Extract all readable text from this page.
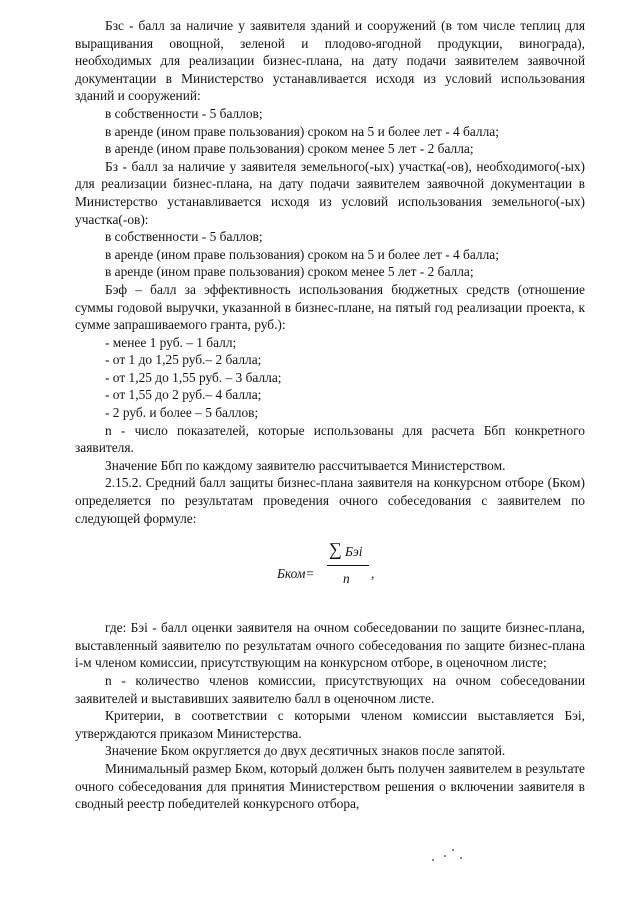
Бзс - балл за наличие у заявителя зданий и сооружений (в том числе теплиц для выращивания овощной, зеленой и плодово-ягодной продукции, винограда), необходимых для реализации бизнес-плана, на дату подачи заявителем заявочной документации в Министерство устанавливается исходя из условий использования зданий и сооружений:

в собственности - 5 баллов;

в аренде (ином праве пользования) сроком на 5 и более лет - 4 балла;

в аренде (ином праве пользования) сроком менее 5 лет - 2 балла;

Бз - балл за наличие у заявителя земельного(-ых) участка(-ов), необходимого(-ых) для реализации бизнес-плана, на дату подачи заявителем заявочной документации в Министерство устанавливается исходя из условий использования земельного(-ых) участка(-ов):

в собственности - 5 баллов;

в аренде (ином праве пользования) сроком на 5 и более лет - 4 балла;

в аренде (ином праве пользования) сроком менее 5 лет - 2 балла;

Бэф – балл за эффективность использования бюджетных средств (отношение суммы годовой выручки, указанной в бизнес-плане, на пятый год реализации проекта, к сумме запрашиваемого гранта, руб.):

- менее 1 руб. – 1 балл;

- от 1 до 1,25 руб.– 2 балла;

- от 1,25 до 1,55 руб. – 3 балла;

- от 1,55 до 2 руб.– 4 балла;

- 2 руб. и более – 5 баллов;

n - число показателей, которые использованы для расчета Ббп конкретного заявителя.

Значение Ббп по каждому заявителю рассчитывается Министерством.

2.15.2. Средний балл защиты бизнес-плана заявителя на конкурсном отборе (Бком) определяется по результатам проведения очного собеседования с заявителем по следующей формуле:

Бком=
∑ Бэi
n ,

где: Бэi - балл оценки заявителя на очном собеседовании по защите бизнес-плана, выставленный заявителю по результатам очного собеседования по защите бизнес-плана i-м членом комиссии, присутствующим на конкурсном отборе, в оценочном листе;

n - количество членов комиссии, присутствующих на очном собеседовании заявителей и выставивших заявителю балл в оценочном листе.

Критерии, в соответствии с которыми членом комиссии выставляется Бэi, утверждаются приказом Министерства.

Значение Бком округляется до двух десятичных знаков после запятой.

Минимальный размер Бком, который должен быть получен заявителем в результате очного собеседования для принятия Министерством решения о включении заявителя в сводный реестр победителей конкурсного отбора,
